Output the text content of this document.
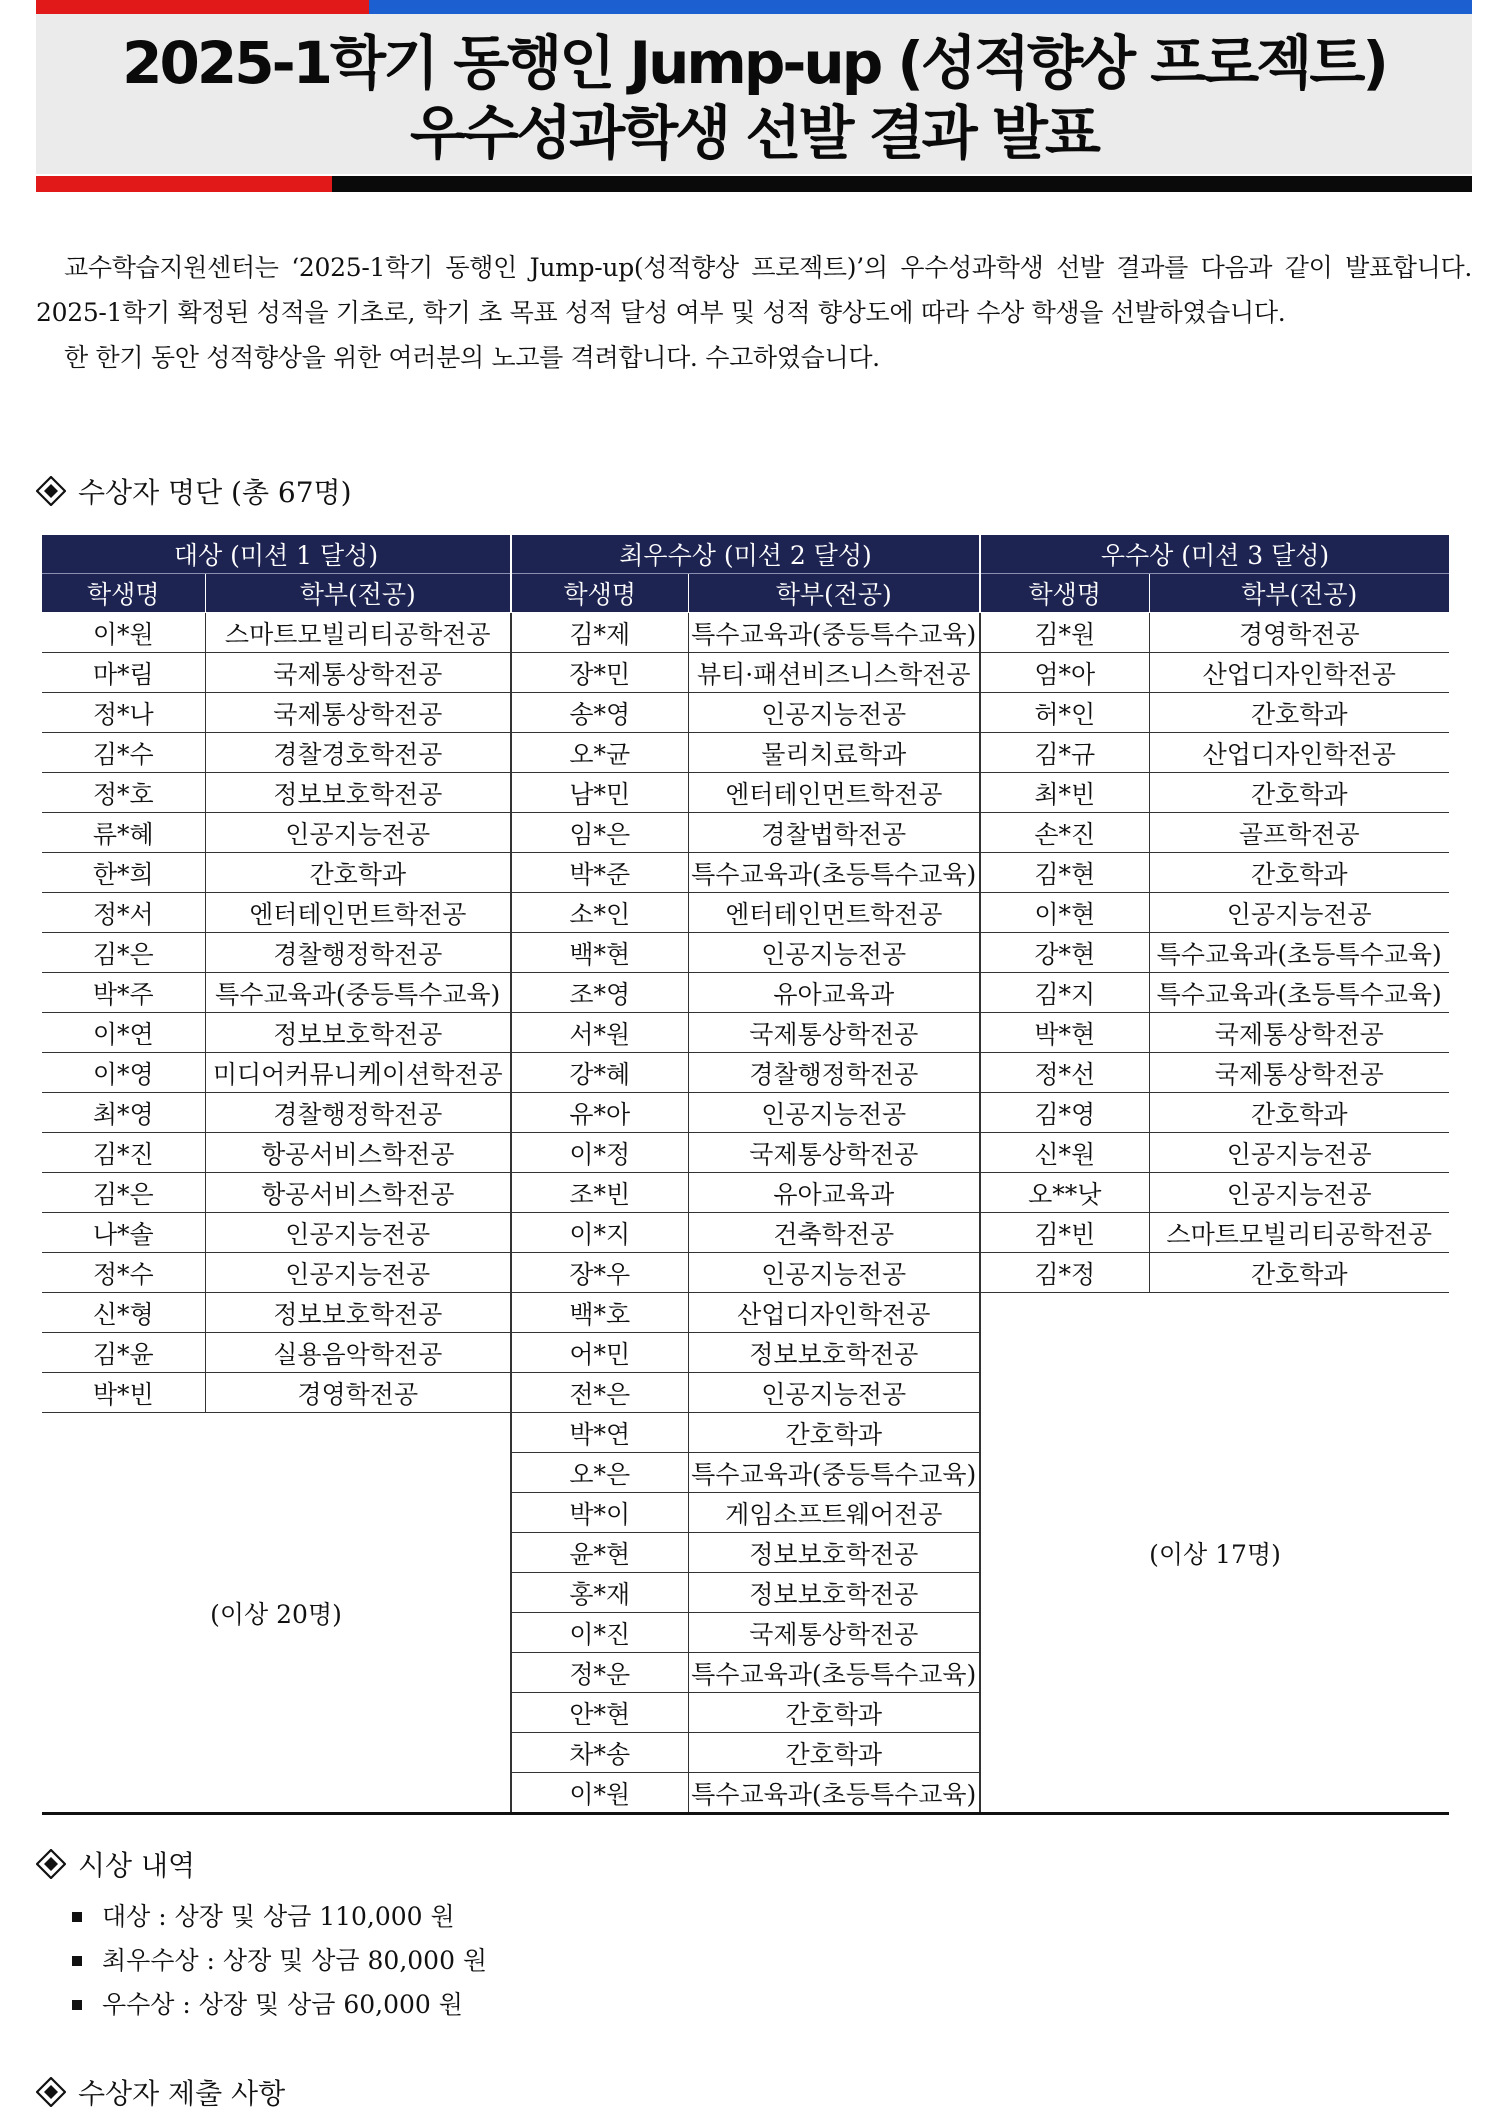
2025-1학기 동행인 Jump-up (성적향상 프로젝트)
우수성과학생 선발 결과 발표

교수학습지원센터는 ‘2025-1학기 동행인 Jump-up(성적향상 프로젝트)’의 우수성과학생 선발 결과를 다음과 같이 발표합니다. 2025-1학기 확정된 성적을 기초로, 학기 초 목표 성적 달성 여부 및 성적 향상도에 따라 수상 학생을 선발하였습니다.

한 한기 동안 성적향상을 위한 여러분의 노고를 격려합니다. 수고하였습니다.

수상자 명단 (총 67명)
대상 (미션 1 달성)		최우수상 (미션 2 달성)		우수상 (미션 3 달성)	
학생명	학부(전공)	학생명	학부(전공)	학생명	학부(전공)
이*원	스마트모빌리티공학전공	김*제	특수교육과(중등특수교육)	김*원	경영학전공
마*림	국제통상학전공	장*민	뷰티·패션비즈니스학전공	엄*아	산업디자인학전공
정*나	국제통상학전공	송*영	인공지능전공	허*인	간호학과
김*수	경찰경호학전공	오*균	물리치료학과	김*규	산업디자인학전공
정*호	정보보호학전공	남*민	엔터테인먼트학전공	최*빈	간호학과
류*혜	인공지능전공	임*은	경찰법학전공	손*진	골프학전공
한*희	간호학과	박*준	특수교육과(초등특수교육)	김*현	간호학과
정*서	엔터테인먼트학전공	소*인	엔터테인먼트학전공	이*현	인공지능전공
김*은	경찰행정학전공	백*현	인공지능전공	강*현	특수교육과(초등특수교육)
박*주	특수교육과(중등특수교육)	조*영	유아교육과	김*지	특수교육과(초등특수교육)
이*연	정보보호학전공	서*원	국제통상학전공	박*현	국제통상학전공
이*영	미디어커뮤니케이션학전공	강*혜	경찰행정학전공	정*선	국제통상학전공
최*영	경찰행정학전공	유*아	인공지능전공	김*영	간호학과
김*진	항공서비스학전공	이*정	국제통상학전공	신*원	인공지능전공
김*은	항공서비스학전공	조*빈	유아교육과	오**낫	인공지능전공
나*솔	인공지능전공	이*지	건축학전공	김*빈	스마트모빌리티공학전공
정*수	인공지능전공	장*우	인공지능전공	김*정	간호학과
신*형	정보보호학전공	백*호	산업디자인학전공	(이상 17명)	
김*윤	실용음악학전공	어*민	정보보호학전공		
박*빈	경영학전공	전*은	인공지능전공		
(이상 20명)		박*연	간호학과		
		오*은	특수교육과(중등특수교육)		
		박*이	게임소프트웨어전공		
		윤*현	정보보호학전공		
		홍*재	정보보호학전공		
		이*진	국제통상학전공		
		정*운	특수교육과(초등특수교육)		
		안*현	간호학과		
		차*송	간호학과		
		이*원	특수교육과(초등특수교육)		
시상 내역
대상 : 상장 및 상금 110,000 원
최우수상 : 상장 및 상금 80,000 원
우수상 : 상장 및 상금 60,000 원
수상자 제출 사항
